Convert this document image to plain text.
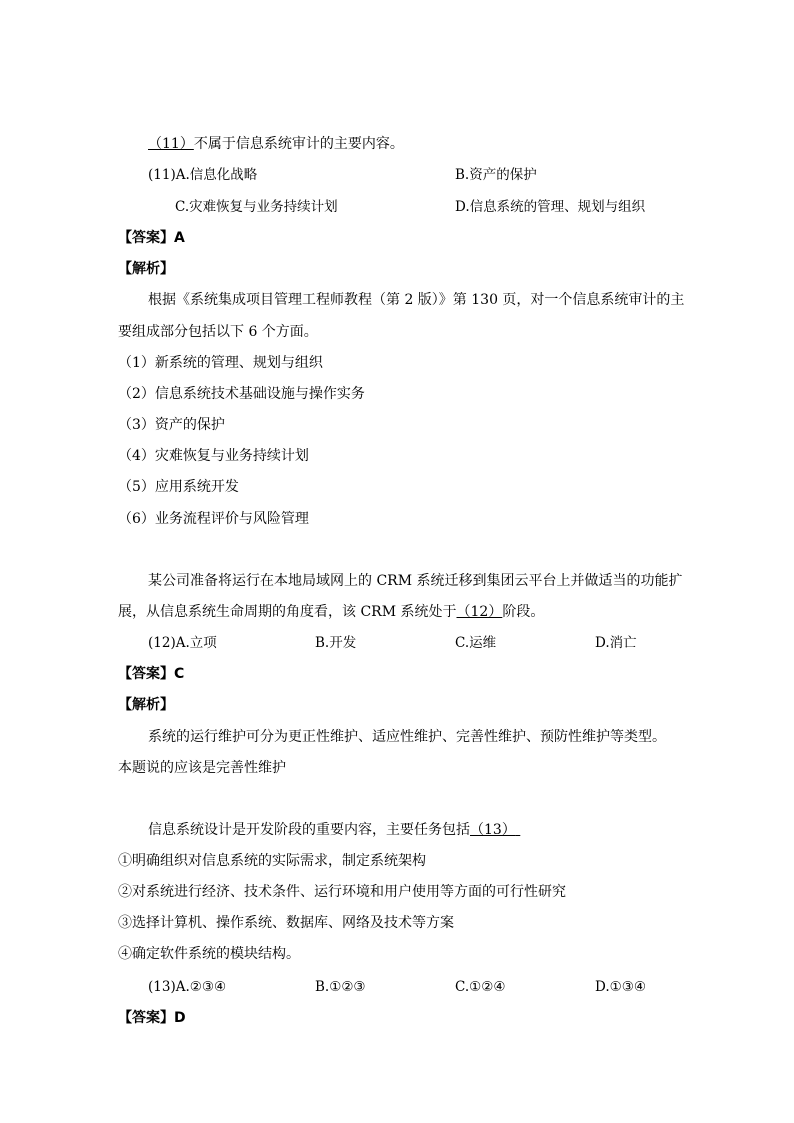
（11）不属于信息系统审计的主要内容。
(11)A.信息化战略	B.资产的保护
C.灾难恢复与业务持续计划	D.信息系统的管理、规划与组织
【答案】A
【解析】
根据《系统集成项目管理工程师教程（第 2 版）》第 130 页，对一个信息系统审计的主
要组成部分包括以下 6 个方面。
（1）新系统的管理、规划与组织
（2）信息系统技术基础设施与操作实务
（3）资产的保护
（4）灾难恢复与业务持续计划
（5）应用系统开发
（6）业务流程评价与风险管理
某公司准备将运行在本地局域网上的 CRM 系统迁移到集团云平台上并做适当的功能扩
展，从信息系统生命周期的角度看，该 CRM 系统处于（12）阶段。
(12)A.立项	B.开发	C.运维	D.消亡
【答案】C
【解析】
系统的运行维护可分为更正性维护、适应性维护、完善性维护、预防性维护等类型。
本题说的应该是完善性维护
信息系统设计是开发阶段的重要内容，主要任务包括（13）
①明确组织对信息系统的实际需求，制定系统架构
②对系统进行经济、技术条件、运行环境和用户使用等方面的可行性研究
③选择计算机、操作系统、数据库、网络及技术等方案
④确定软件系统的模块结构。
(13)A.②③④	B.①②③	C.①②④	D.①③④
【答案】D
